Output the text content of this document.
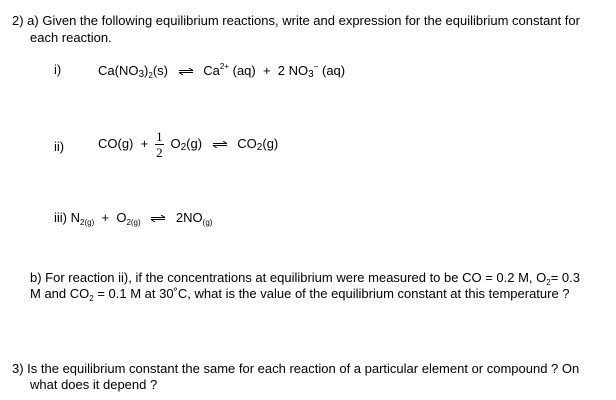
2) a) Given the following equilibrium reactions, write and expression for the equilibrium constant for
each reaction.
i)	$Ca(NO3)_2(s)$ ⇌ $Ca^{2+}$ (aq) + 2 NO3− (aq)
ii)	$CO(g) + \frac{1}{2} O2(g)$ ⇌ CO2(g)
iii) $N_{2(g)} + O_{2(g)}$ ⇌ $2NO_{(g)}$
b) For reaction ii), if the concentrations at equilibrium were measured to be CO = 0.2 M, $O_2= 0.3$
M and $CO_2 = 0.1$ M at 30˚C, what is the value of the equilibrium constant at this temperature ?
3) Is the equilibrium constant the same for each reaction of a particular element or compound ? On
what does it depend ?
